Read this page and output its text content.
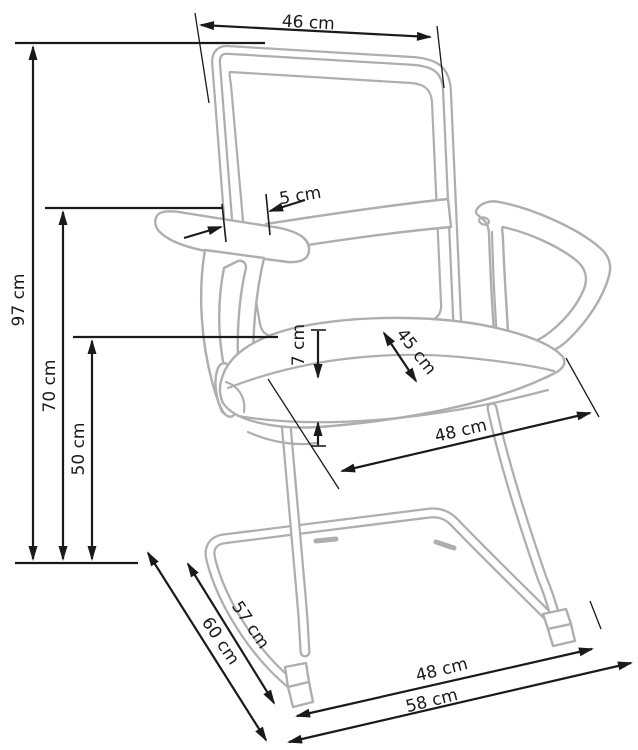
97 cm
70 cm
50 cm
46 cm
5 cm
7 cm	45 cm
48 cm
57 cm
60 cm
48 cm
58 cm
